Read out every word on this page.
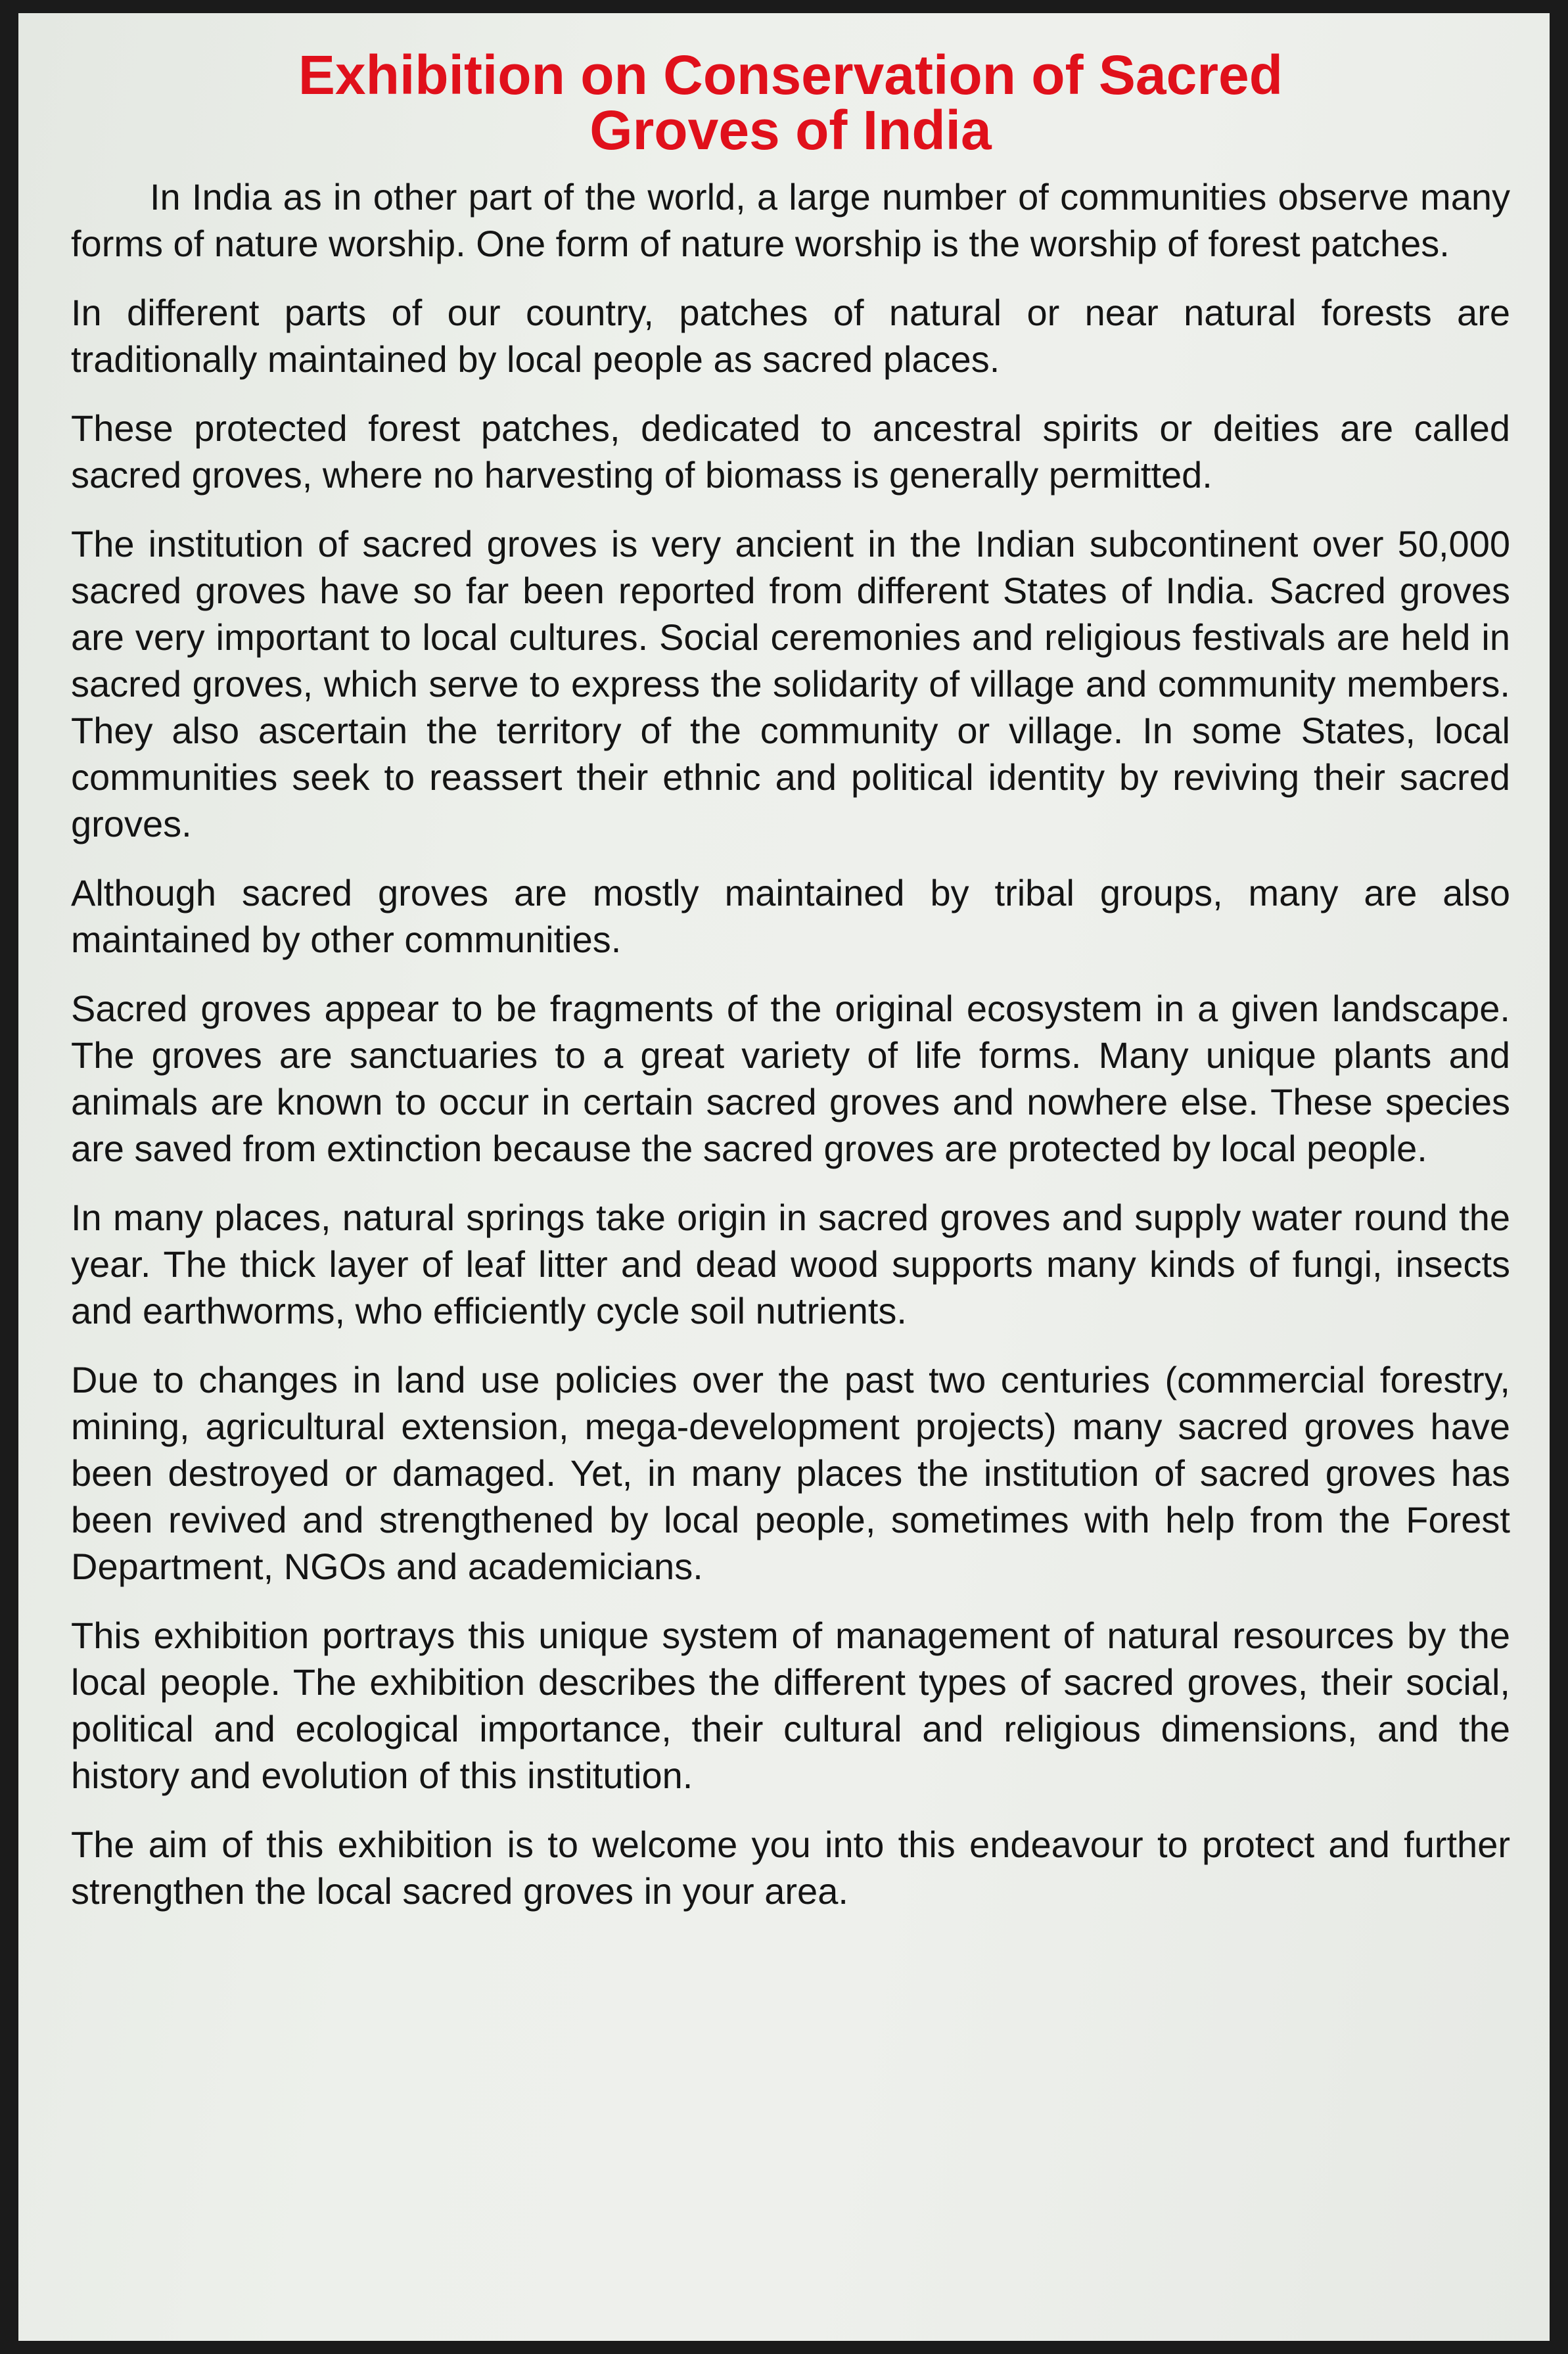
Exhibition on Conservation of Sacred
Groves of India

In India as in other part of the world, a large number of communities observe many forms of nature worship. One form of nature worship is the worship of forest patches.

In different parts of our country, patches of natural or near natural forests are traditionally maintained by local people as sacred places.

These protected forest patches, dedicated to ancestral spirits or deities are called sacred groves, where no harvesting of biomass is generally permitted.

The institution of sacred groves is very ancient in the Indian subcontinent over 50,000 sacred groves have so far been reported from different States of India. Sacred groves are very important to local cultures. Social ceremonies and religious festivals are held in sacred groves, which serve to express the solidarity of village and community members. They also ascertain the territory of the community or village. In some States, local communities seek to reassert their ethnic and political identity by reviving their sacred groves.

Although sacred groves are mostly maintained by tribal groups, many are also maintained by other communities.

Sacred groves appear to be fragments of the original ecosystem in a given landscape. The groves are sanctuaries to a great variety of life forms. Many unique plants and animals are known to occur in certain sacred groves and nowhere else. These species are saved from extinction because the sacred groves are protected by local people.

In many places, natural springs take origin in sacred groves and supply water round the year. The thick layer of leaf litter and dead wood supports many kinds of fungi, insects and earthworms, who efficiently cycle soil nutrients.

Due to changes in land use policies over the past two centuries (commercial forestry, mining, agricultural extension, mega-development projects) many sacred groves have been destroyed or damaged. Yet, in many places the institution of sacred groves has been revived and strengthened by local people, sometimes with help from the Forest Department, NGOs and academicians.

This exhibition portrays this unique system of management of natural resources by the local people. The exhibition describes the different types of sacred groves, their social, political and ecological importance, their cultural and religious dimensions, and the history and evolution of this institution.

The aim of this exhibition is to welcome you into this endeavour to protect and further strengthen the local sacred groves in your area.
